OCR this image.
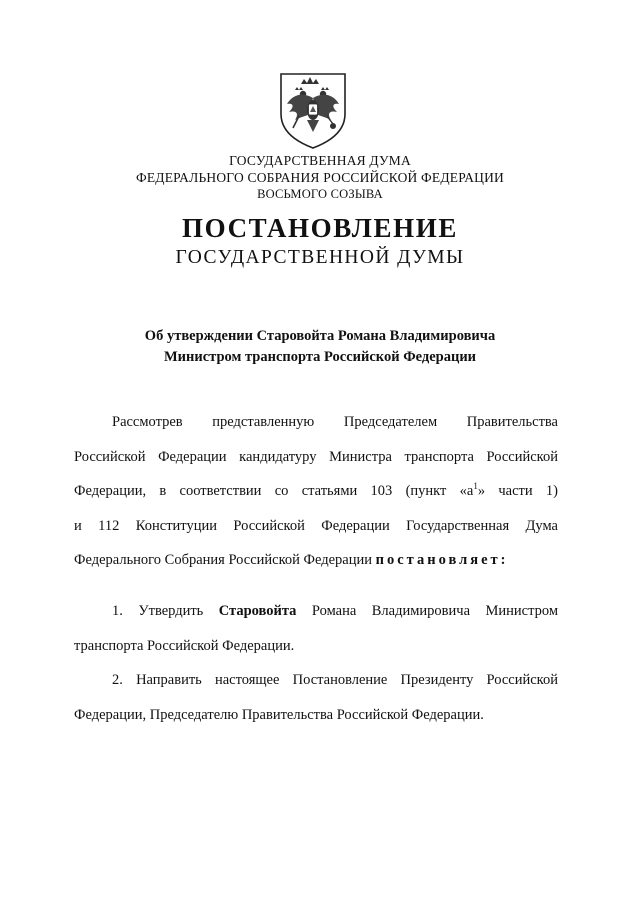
ГОСУДАРСТВЕННАЯ ДУМА
ФЕДЕРАЛЬНОГО СОБРАНИЯ РОССИЙСКОЙ ФЕДЕРАЦИИ
ВОСЬМОГО СОЗЫВА
ПОСТАНОВЛЕНИЕ
ГОСУДАРСТВЕННОЙ ДУМЫ
Об утверждении Старовойта Романа Владимировича
Министром транспорта Российской Федерации
Рассмотрев представленную Председателем Правительства
Российской Федерации кандидатуру Министра транспорта Российской
Федерации, в соответствии со статьями 103 (пункт «$а^1$» части 1)
и 112 Конституции Российской Федерации Государственная Дума
Федерального Собрания Российской Федерации постановляет:
1. Утвердить Старовойта Романа Владимировича Министром
транспорта Российской Федерации.
2. Направить настоящее Постановление Президенту Российской
Федерации, Председателю Правительства Российской Федерации.
